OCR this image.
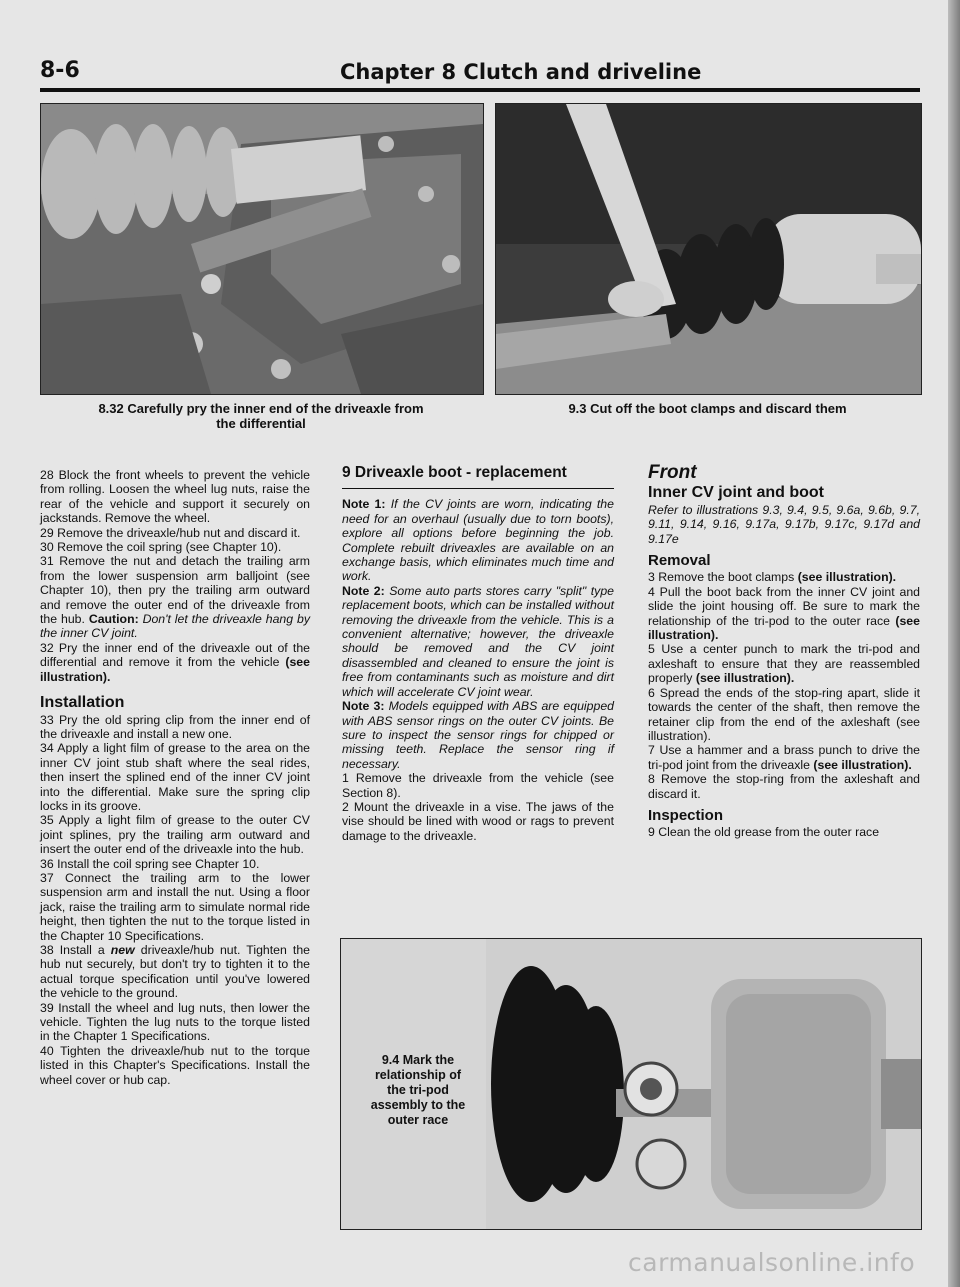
8-6	Chapter 8 Clutch and driveline
8.32 Carefully pry the inner end of the driveaxle from
the differential
9.3 Cut off the boot clamps and discard them

28 Block the front wheels to prevent the vehicle from rolling. Loosen the wheel lug nuts, raise the rear of the vehicle and support it securely on jackstands. Remove the wheel.

29 Remove the driveaxle/hub nut and discard it.

30 Remove the coil spring (see Chapter 10).

31 Remove the nut and detach the trailing arm from the lower suspension arm balljoint (see Chapter 10), then pry the trailing arm outward and remove the outer end of the driveaxle from the hub. Caution: Don't let the driveaxle hang by the inner CV joint.

32 Pry the inner end of the driveaxle out of the differential and remove it from the vehicle (see illustration).

Installation

33 Pry the old spring clip from the inner end of the driveaxle and install a new one.

34 Apply a light film of grease to the area on the inner CV joint stub shaft where the seal rides, then insert the splined end of the inner CV joint into the differential. Make sure the spring clip locks in its groove.

35 Apply a light film of grease to the outer CV joint splines, pry the trailing arm outward and insert the outer end of the driveaxle into the hub.

36 Install the coil spring see Chapter 10.

37 Connect the trailing arm to the lower suspension arm and install the nut. Using a floor jack, raise the trailing arm to simulate normal ride height, then tighten the nut to the torque listed in the Chapter 10 Specifications.

38 Install a new driveaxle/hub nut. Tighten the hub nut securely, but don't try to tighten it to the actual torque specification until you've lowered the vehicle to the ground.

39 Install the wheel and lug nuts, then lower the vehicle. Tighten the lug nuts to the torque listed in the Chapter 1 Specifications.

40 Tighten the driveaxle/hub nut to the torque listed in this Chapter's Specifications. Install the wheel cover or hub cap.

9 Driveaxle boot - replacement

Note 1: If the CV joints are worn, indicating the need for an overhaul (usually due to torn boots), explore all options before beginning the job. Complete rebuilt driveaxles are available on an exchange basis, which eliminates much time and work.

Note 2: Some auto parts stores carry "split" type replacement boots, which can be installed without removing the driveaxle from the vehicle. This is a convenient alternative; however, the driveaxle should be removed and the CV joint disassembled and cleaned to ensure the joint is free from contaminants such as moisture and dirt which will accelerate CV joint wear.

Note 3: Models equipped with ABS are equipped with ABS sensor rings on the outer CV joints. Be sure to inspect the sensor rings for chipped or missing teeth. Replace the sensor ring if necessary.

1 Remove the driveaxle from the vehicle (see Section 8).

2 Mount the driveaxle in a vise. The jaws of the vise should be lined with wood or rags to prevent damage to the driveaxle.

Front
Inner CV joint and boot

Refer to illustrations 9.3, 9.4, 9.5, 9.6a, 9.6b, 9.7, 9.11, 9.14, 9.16, 9.17a, 9.17b, 9.17c, 9.17d and 9.17e

Removal

3 Remove the boot clamps (see illustration).

4 Pull the boot back from the inner CV joint and slide the joint housing off. Be sure to mark the relationship of the tri-pod to the outer race (see illustration).

5 Use a center punch to mark the tri-pod and axleshaft to ensure that they are reassembled properly (see illustration).

6 Spread the ends of the stop-ring apart, slide it towards the center of the shaft, then remove the retainer clip from the end of the axleshaft (see illustration).

7 Use a hammer and a brass punch to drive the tri-pod joint from the driveaxle (see illustration).

8 Remove the stop-ring from the axleshaft and discard it.

Inspection

9 Clean the old grease from the outer race

9.4 Mark the
relationship of
the tri-pod
assembly to the
outer race
carmanualsonline.info
